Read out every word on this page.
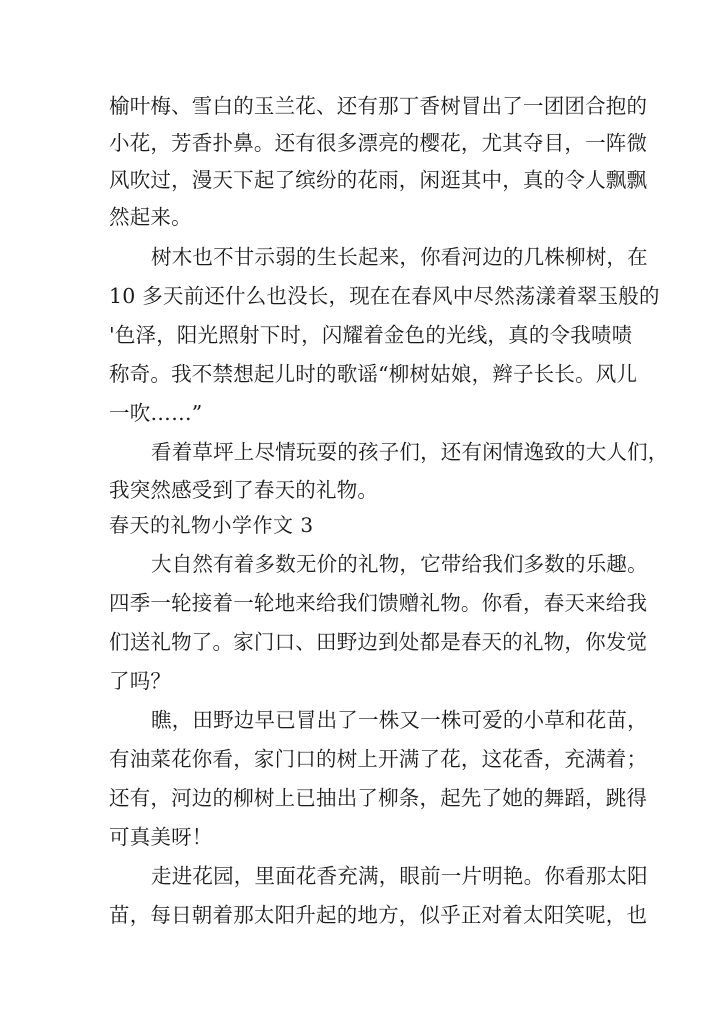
榆叶梅、雪白的玉兰花、还有那丁香树冒出了一团团合抱的
小花，芳香扑鼻。还有很多漂亮的樱花，尤其夺目，一阵微
风吹过，漫天下起了缤纷的花雨，闲逛其中，真的令人飘飘
然起来。
树木也不甘示弱的生长起来，你看河边的几株柳树，在
10 多天前还什么也没长，现在在春风中尽然荡漾着翠玉般的
'色泽，阳光照射下时，闪耀着金色的光线，真的令我啧啧
称奇。我不禁想起儿时的歌谣“柳树姑娘，辫子长长。风儿
一吹……”
看着草坪上尽情玩耍的孩子们，还有闲情逸致的大人们，
我突然感受到了春天的礼物。
春天的礼物小学作文 3
大自然有着多数无价的礼物，它带给我们多数的乐趣。
四季一轮接着一轮地来给我们馈赠礼物。你看，春天来给我
们送礼物了。家门口、田野边到处都是春天的礼物，你发觉
了吗？
瞧，田野边早已冒出了一株又一株可爱的小草和花苗，
有油菜花你看，家门口的树上开满了花，这花香，充满着；
还有，河边的柳树上已抽出了柳条，起先了她的舞蹈，跳得
可真美呀！
走进花园，里面花香充满，眼前一片明艳。你看那太阳
苗，每日朝着那太阳升起的地方，似乎正对着太阳笑呢，也
